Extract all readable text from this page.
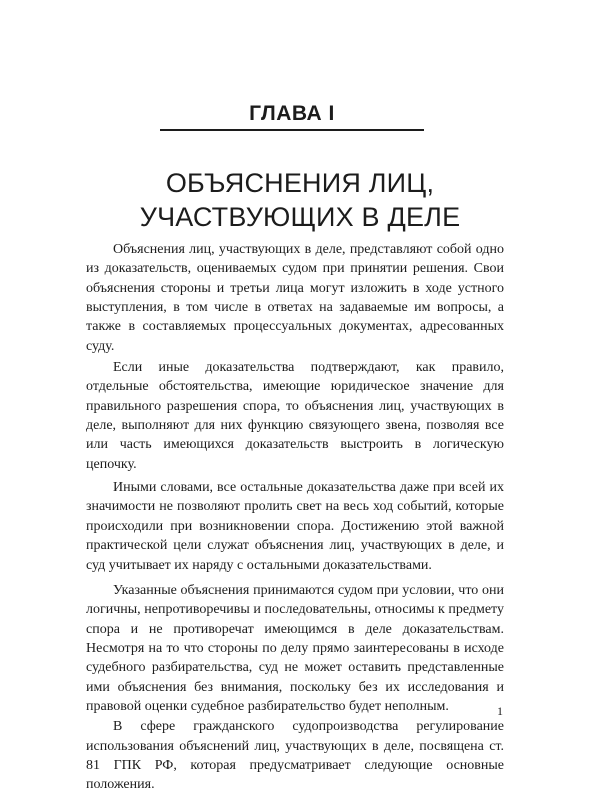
ГЛАВА I
ОБЪЯСНЕНИЯ ЛИЦ,
УЧАСТВУЮЩИХ В ДЕЛЕ

Объяснения лиц, участвующих в деле, представляют собой одно из доказательств, оцениваемых судом при принятии решения. Свои объяснения стороны и третьи лица могут изложить в ходе устного выступления, в том числе в ответах на задаваемые им вопросы, а также в составляемых процессуальных документах, адресованных суду.

Если иные доказательства подтверждают, как правило, отдельные обстоятельства, имеющие юридическое значение для правильного разрешения спора, то объяснения лиц, участвующих в деле, выполняют для них функцию связующего звена, позволяя все или часть имеющихся доказательств выстроить в логическую цепочку.

Иными словами, все остальные доказательства даже при всей их значимости не позволяют пролить свет на весь ход событий, которые происходили при возникновении спора. Достижению этой важной практической цели служат объяснения лиц, участвующих в деле, и суд учитывает их наряду с остальными доказательствами.

Указанные объяснения принимаются судом при условии, что они логичны, непротиворечивы и последовательны, относимы к предмету спора и не противоречат имеющимся в деле доказательствам. Несмотря на то что стороны по делу прямо заинтересованы в исходе судебного разбирательства, суд не может оставить представленные ими объяснения без внимания, поскольку без их исследования и правовой оценки судебное разбирательство будет неполным.

В сфере гражданского судопроизводства регулирование использования объяснений лиц, участвующих в деле, посвящена ст. 81 ГПК РФ, которая предусматривает следующие основные положения.

1
